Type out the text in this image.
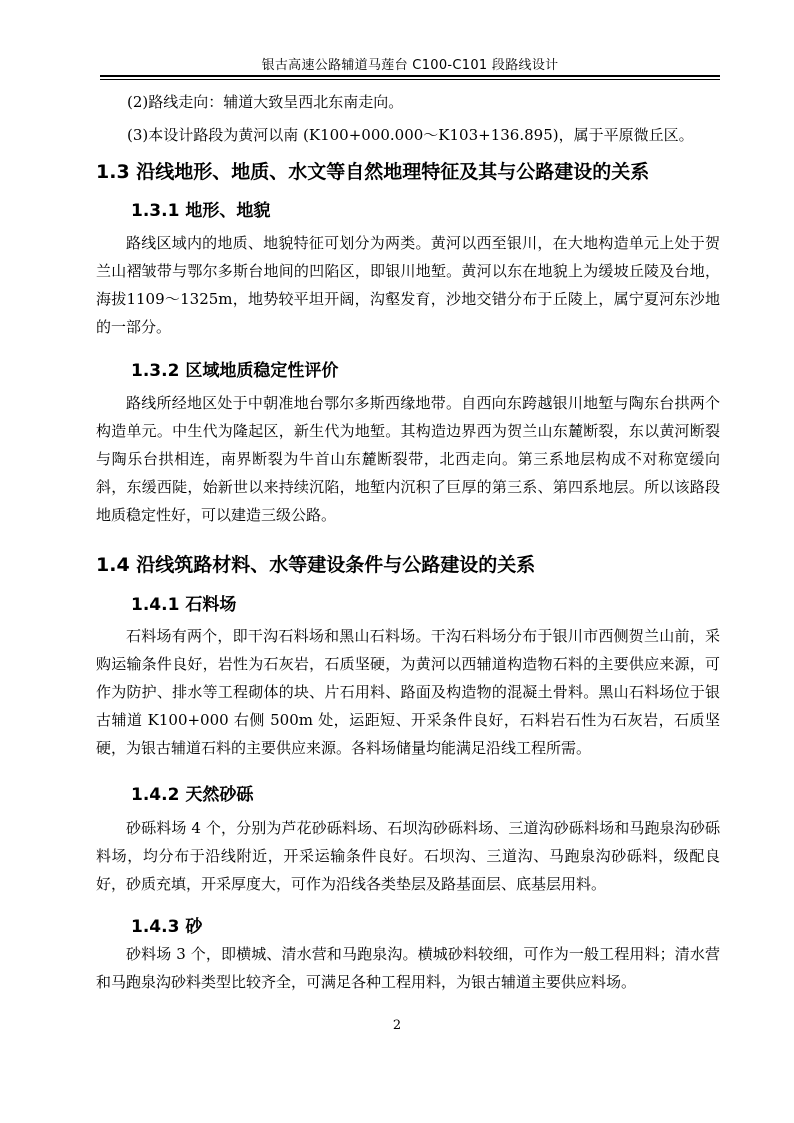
银古高速公路辅道马莲台 C100-C101 段路线设计
(2)路线走向：辅道大致呈西北东南走向。
(3)本设计路段为黄河以南 (K100+000.000～K103+136.895)，属于平原微丘区。
1.3 沿线地形、地质、水文等自然地理特征及其与公路建设的关系
1.3.1 地形、地貌
路线区域内的地质、地貌特征可划分为两类。黄河以西至银川，在大地构造单元上处于贺兰山褶皱带与鄂尔多斯台地间的凹陷区，即银川地堑。黄河以东在地貌上为缓坡丘陵及台地，海拔1109～1325m，地势较平坦开阔，沟壑发育，沙地交错分布于丘陵上，属宁夏河东沙地的一部分。
1.3.2 区域地质稳定性评价
路线所经地区处于中朝准地台鄂尔多斯西缘地带。自西向东跨越银川地堑与陶东台拱两个构造单元。中生代为隆起区，新生代为地堑。其构造边界西为贺兰山东麓断裂，东以黄河断裂与陶乐台拱相连，南界断裂为牛首山东麓断裂带，北西走向。第三系地层构成不对称宽缓向斜，东缓西陡，始新世以来持续沉陷，地堑内沉积了巨厚的第三系、第四系地层。所以该路段地质稳定性好，可以建造三级公路。
1.4 沿线筑路材料、水等建设条件与公路建设的关系
1.4.1 石料场
石料场有两个，即干沟石料场和黑山石料场。干沟石料场分布于银川市西侧贺兰山前，采购运输条件良好，岩性为石灰岩，石质坚硬，为黄河以西辅道构造物石料的主要供应来源，可作为防护、排水等工程砌体的块、片石用料、路面及构造物的混凝土骨料。黑山石料场位于银古辅道 K100+000 右侧 500m 处，运距短、开采条件良好，石料岩石性为石灰岩，石质坚硬，为银古辅道石料的主要供应来源。各料场储量均能满足沿线工程所需。
1.4.2 天然砂砾
砂砾料场 4 个，分别为芦花砂砾料场、石坝沟砂砾料场、三道沟砂砾料场和马跑泉沟砂砾料场，均分布于沿线附近，开采运输条件良好。石坝沟、三道沟、马跑泉沟砂砾料，级配良好，砂质充填，开采厚度大，可作为沿线各类垫层及路基面层、底基层用料。
1.4.3 砂
砂料场 3 个，即横城、清水营和马跑泉沟。横城砂料较细，可作为一般工程用料；清水营和马跑泉沟砂料类型比较齐全，可满足各种工程用料，为银古辅道主要供应料场。
2
